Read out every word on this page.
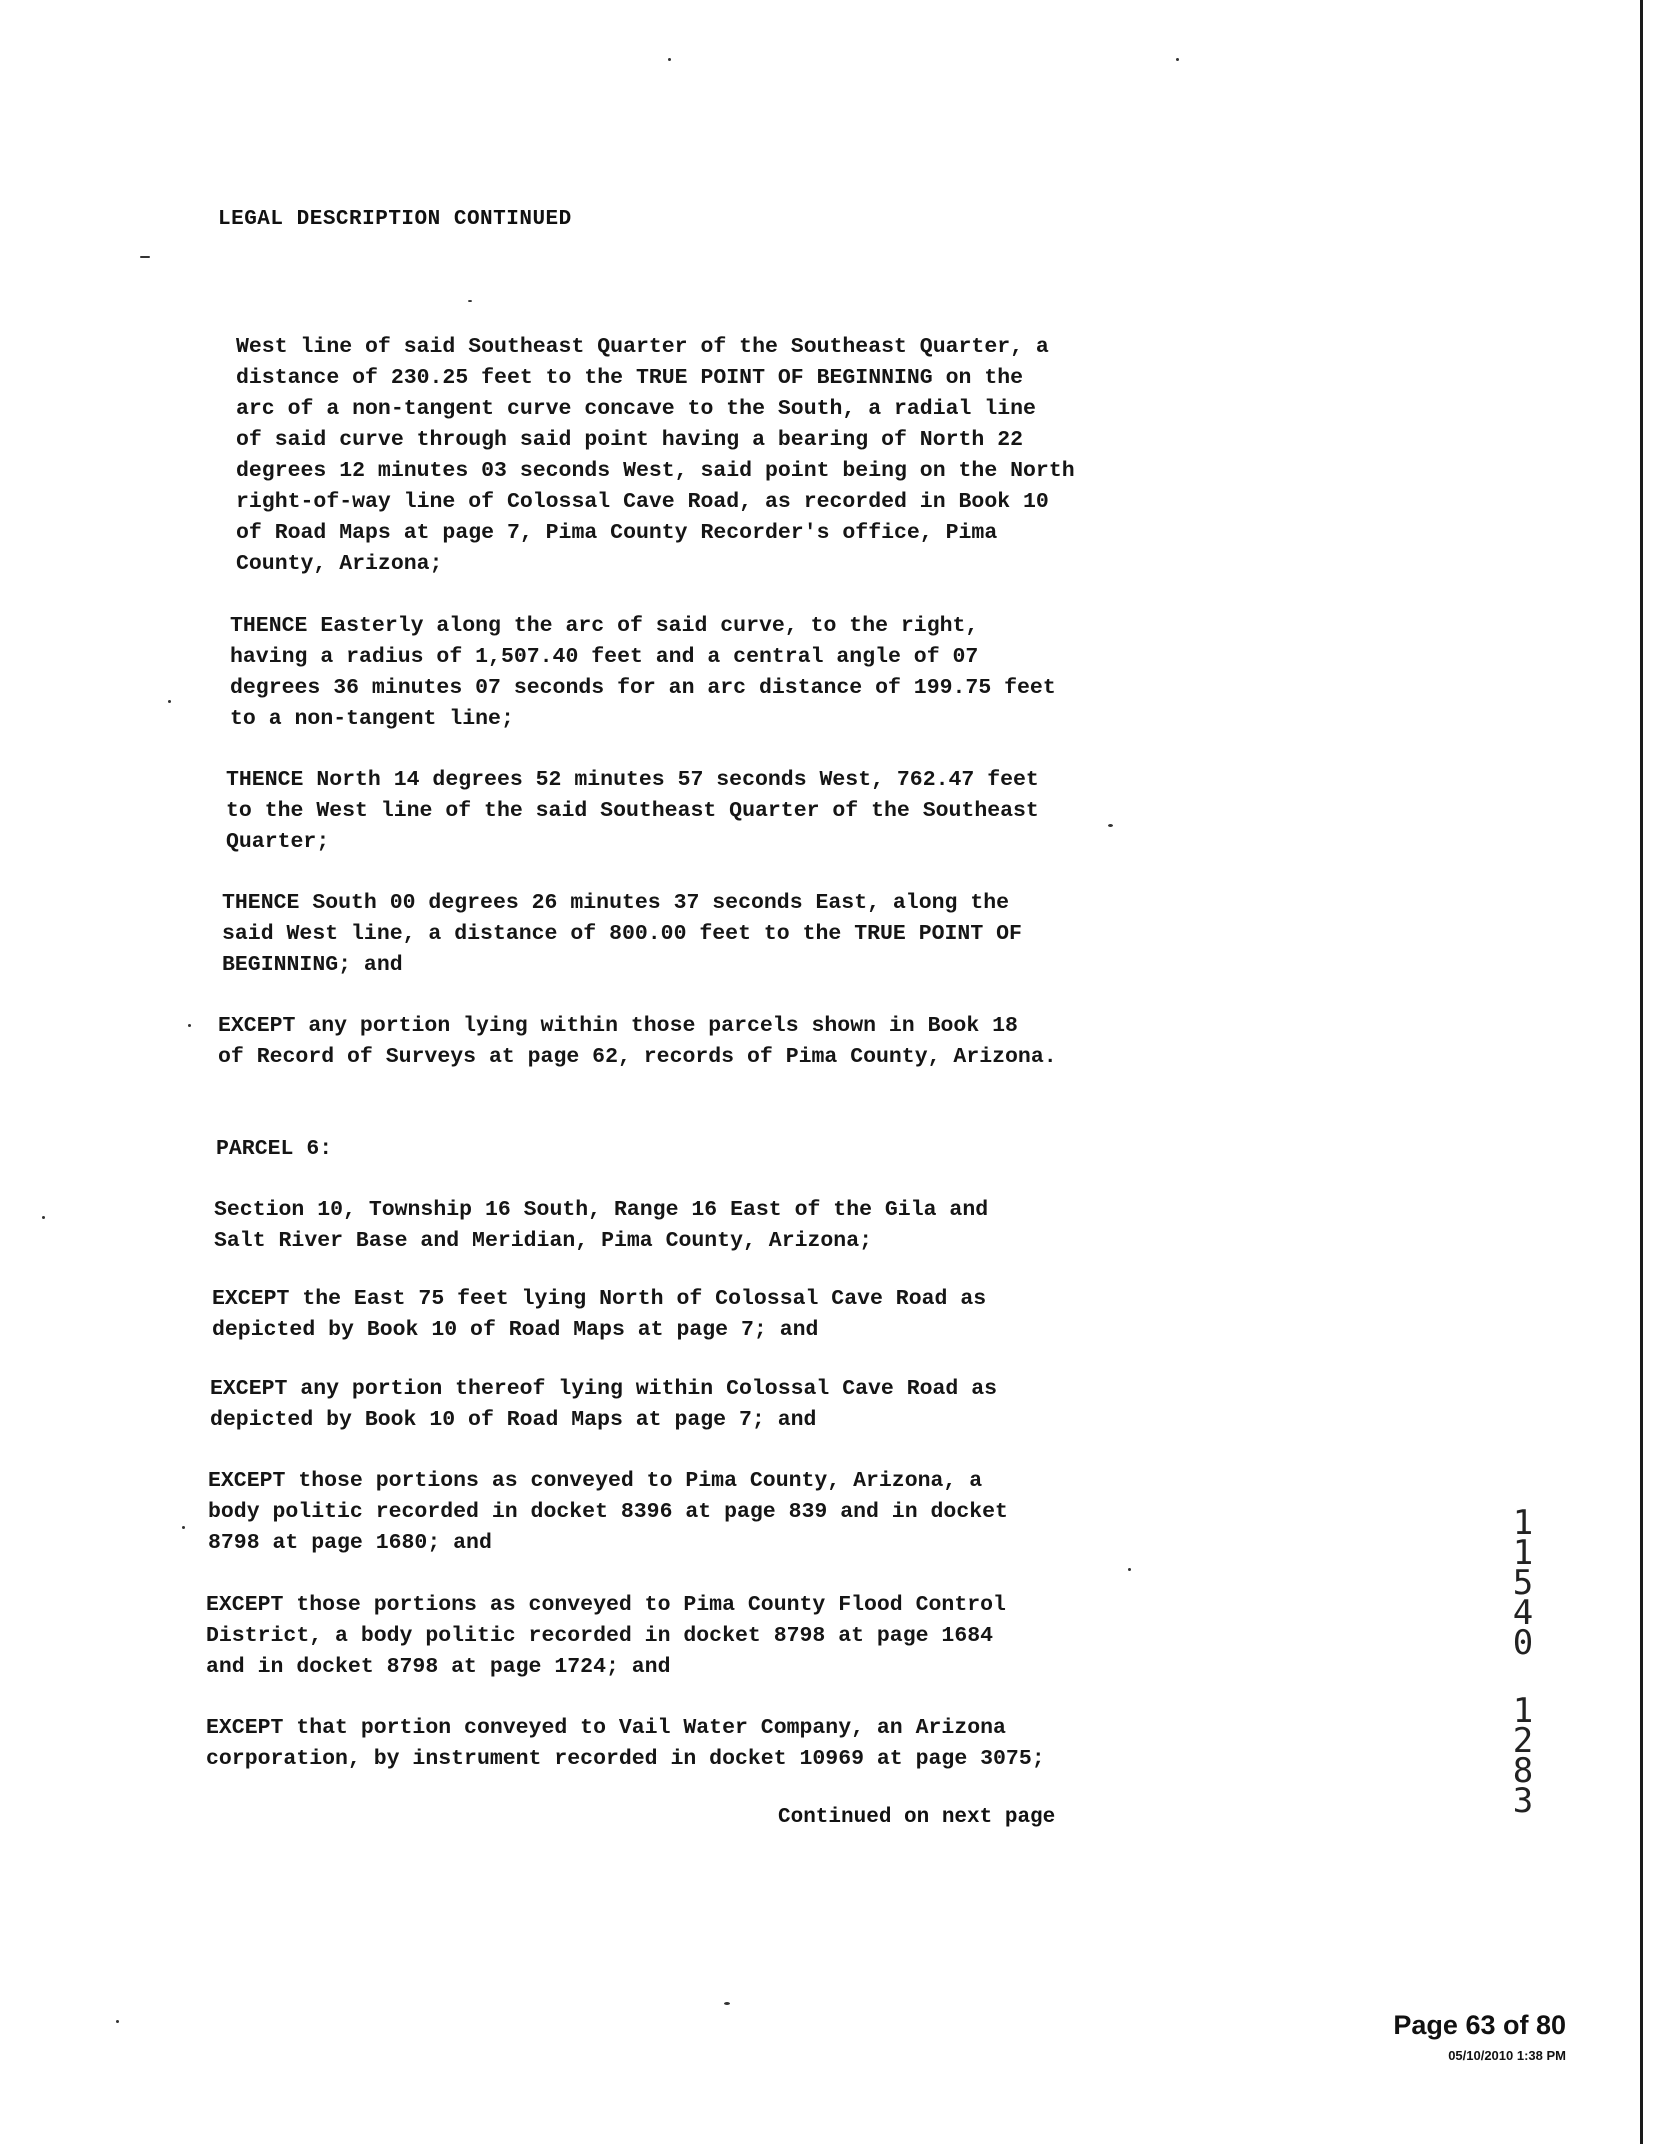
LEGAL DESCRIPTION CONTINUED

West line of said Southeast Quarter of the Southeast Quarter, a
distance of 230.25 feet to the TRUE POINT OF BEGINNING on the
arc of a non-tangent curve concave to the South, a radial line
of said curve through said point having a bearing of North 22
degrees 12 minutes 03 seconds West, said point being on the North
right-of-way line of Colossal Cave Road, as recorded in Book 10
of Road Maps at page 7, Pima County Recorder's office, Pima
County, Arizona;

THENCE Easterly along the arc of said curve, to the right,
having a radius of 1,507.40 feet and a central angle of 07
degrees 36 minutes 07 seconds for an arc distance of 199.75 feet
to a non-tangent line;

THENCE North 14 degrees 52 minutes 57 seconds West, 762.47 feet
to the West line of the said Southeast Quarter of the Southeast
Quarter;

THENCE South 00 degrees 26 minutes 37 seconds East, along the
said West line, a distance of 800.00 feet to the TRUE POINT OF
BEGINNING; and

EXCEPT any portion lying within those parcels shown in Book 18
of Record of Surveys at page 62, records of Pima County, Arizona.

PARCEL 6:

Section 10, Township 16 South, Range 16 East of the Gila and
Salt River Base and Meridian, Pima County, Arizona;

EXCEPT the East 75 feet lying North of Colossal Cave Road as
depicted by Book 10 of Road Maps at page 7; and

EXCEPT any portion thereof lying within Colossal Cave Road as
depicted by Book 10 of Road Maps at page 7; and

EXCEPT those portions as conveyed to Pima County, Arizona, a
body politic recorded in docket 8396 at page 839 and in docket
8798 at page 1680; and

EXCEPT those portions as conveyed to Pima County Flood Control
District, a body politic recorded in docket 8798 at page 1684
and in docket 8798 at page 1724; and

EXCEPT that portion conveyed to Vail Water Company, an Arizona
corporation, by instrument recorded in docket 10969 at page 3075;

Continued on next page
1
1
5
4
0
1
2
8
3
Page 63 of 80
05/10/2010 1:38 PM
